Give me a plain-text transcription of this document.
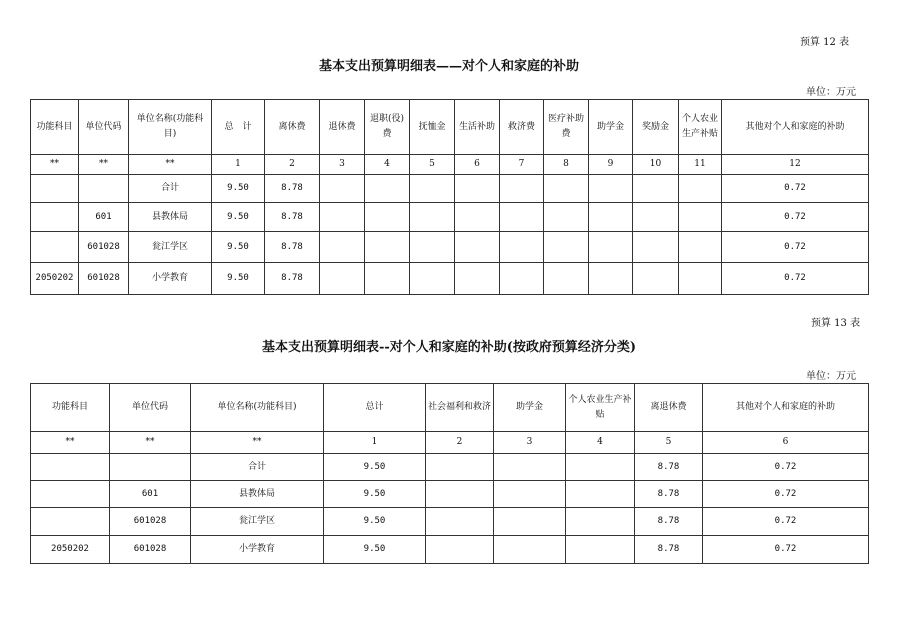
预算 12 表
基本支出预算明细表——对个人和家庭的补助
单位：万元
功能科目	单位代码	单位名称(功能科目)	总　计	离休费	退休费	退职(役)费	抚恤金	生活补助	救济费	医疗补助费	助学金	奖励金	个人农业生产补贴	其他对个人和家庭的补助
**	**	**	1	2	3	4	5	6	7	8	9	10	11	12
		合计	9.50	8.78										0.72
	601	县教体局	9.50	8.78										0.72
	601028	瓮江学区	9.50	8.78										0.72
2050202	601028	小学教育	9.50	8.78										0.72
预算 13 表
基本支出预算明细表--对个人和家庭的补助(按政府预算经济分类)
单位：万元
功能科目	单位代码	单位名称(功能科目)	总计	社会福利和救济	助学金	个人农业生产补贴	离退休费	其他对个人和家庭的补助
**	**	**	1	2	3	4	5	6
		合计	9.50				8.78	0.72
	601	县教体局	9.50				8.78	0.72
	601028	瓮江学区	9.50				8.78	0.72
2050202	601028	小学教育	9.50				8.78	0.72
